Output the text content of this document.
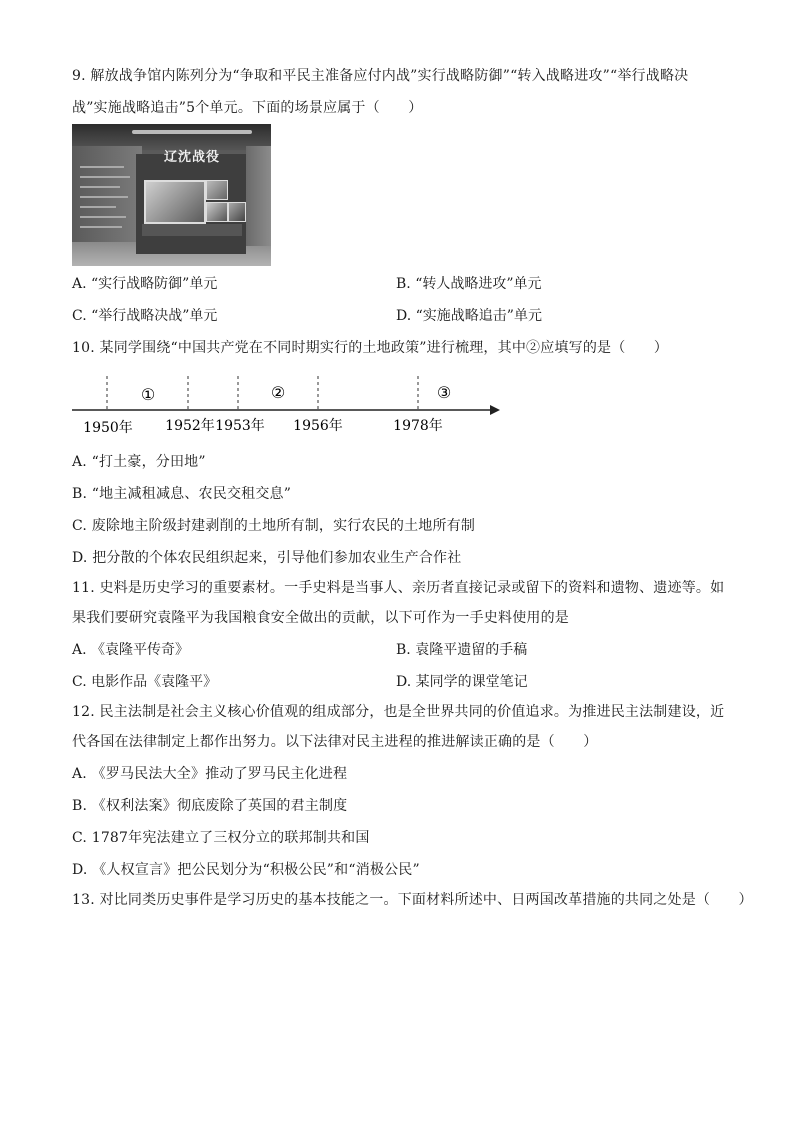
9. 解放战争馆内陈列分为“争取和平民主准备应付内战”实行战略防御”“转入战略进攻”“举行战略决
战”实施战略追击”5个单元。下面的场景应属于（　　）
辽沈战役
A. “实行战略防御”单元	B. “转人战略进攻”单元
C. “举行战略决战”单元	D. “实施战略追击”单元
10. 某同学围绕“中国共产党在不同时期实行的土地政策”进行梳理，其中②应填写的是（　　）
①	②	③
1950年 1952年 1953年 1956年	1978年
A. “打土豪，分田地”
B. “地主减租减息、农民交租交息”
C. 废除地主阶级封建剥削的土地所有制，实行农民的土地所有制
D. 把分散的个体农民组织起来，引导他们参加农业生产合作社
11. 史料是历史学习的重要素材。一手史料是当事人、亲历者直接记录或留下的资料和遗物、遗迹等。如
果我们要研究袁隆平为我国粮食安全做出的贡献，以下可作为一手史料使用的是
A. 《袁隆平传奇》	B. 袁隆平遗留的手稿
C. 电影作品《袁隆平》	D. 某同学的课堂笔记
12. 民主法制是社会主义核心价值观的组成部分，也是全世界共同的价值追求。为推进民主法制建设，近
代各国在法律制定上都作出努力。以下法律对民主进程的推进解读正确的是（　　）
A. 《罗马民法大全》推动了罗马民主化进程
B. 《权利法案》彻底废除了英国的君主制度
C. 1787年宪法建立了三权分立的联邦制共和国
D. 《人权宣言》把公民划分为“积极公民”和“消极公民”
13. 对比同类历史事件是学习历史的基本技能之一。下面材料所述中、日两国改革措施的共同之处是（　　）
